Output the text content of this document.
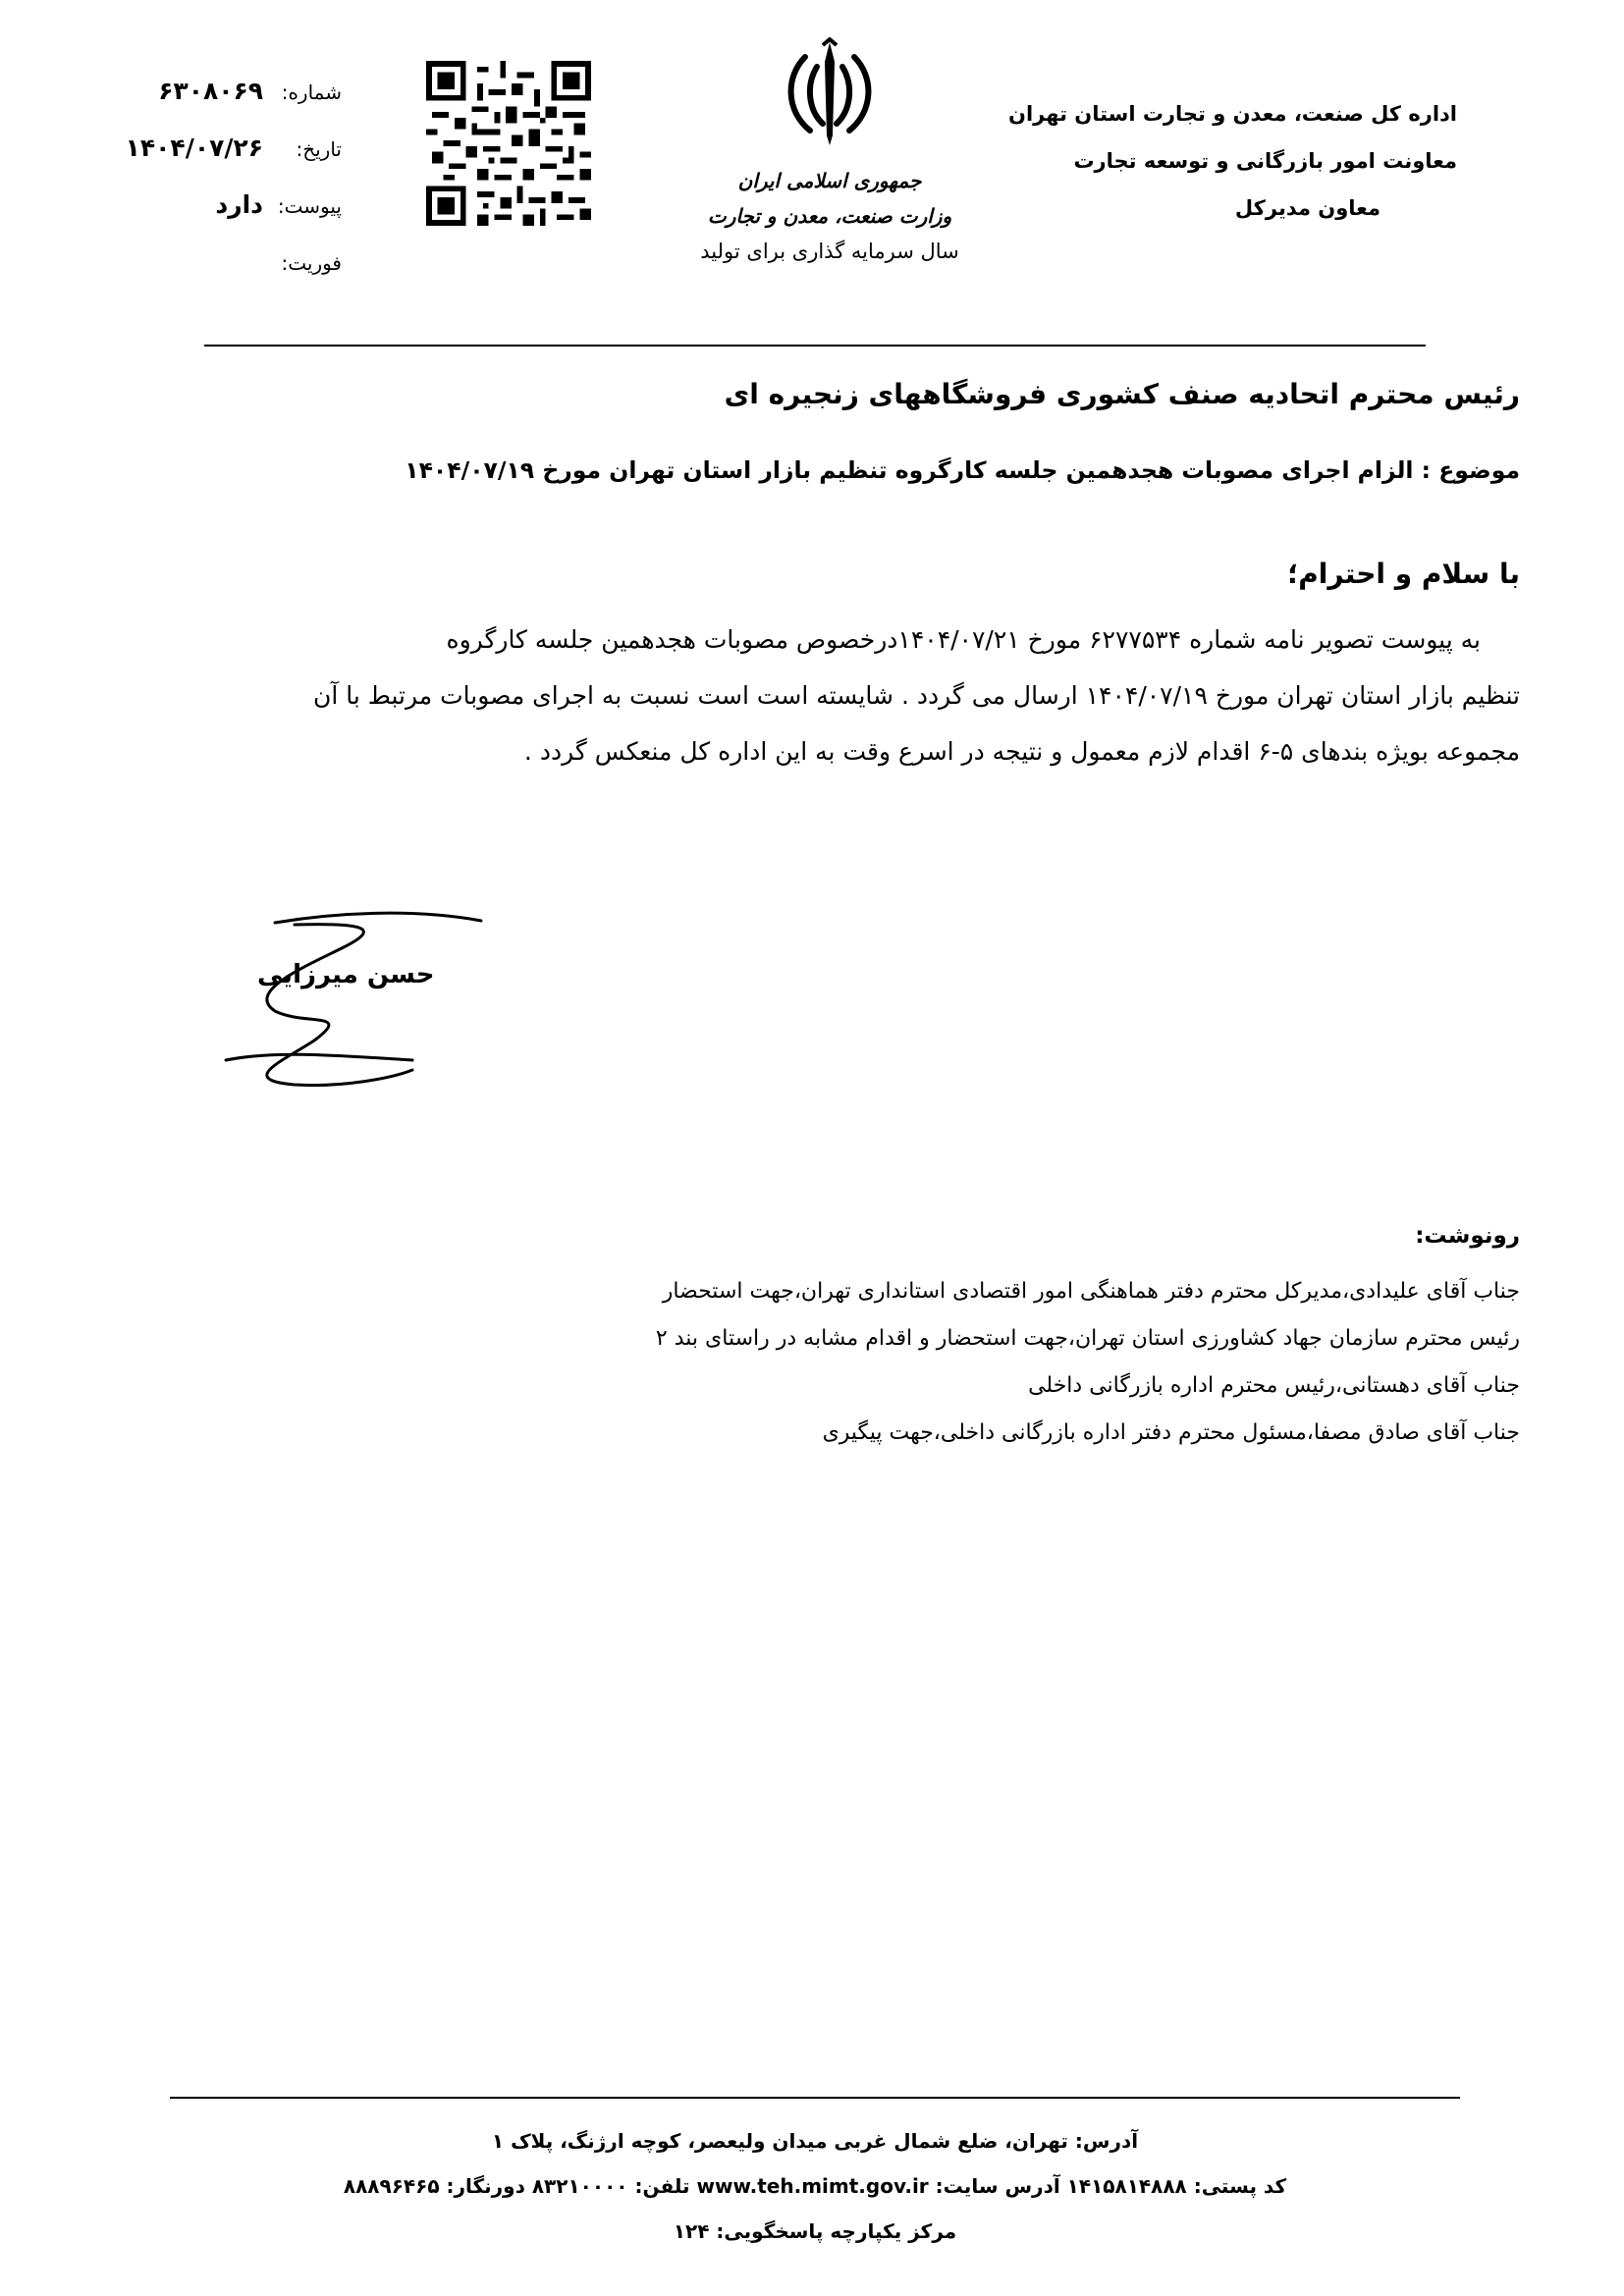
اداره کل صنعت، معدن و تجارت استان تهران
معاونت امور بازرگانی و توسعه تجارت
معاون مدیرکل
جمهوری اسلامی ایران
وزارت صنعت، معدن و تجارت
سال سرمایه گذاری برای تولید
شماره:
۶۳۰۸۰۶۹
تاریخ:
۱۴۰۴/۰۷/۲۶
پیوست:
دارد
فوریت:
رئیس محترم اتحادیه صنف کشوری فروشگاههای زنجیره ای
موضوع : الزام اجرای مصوبات هجدهمین جلسه کارگروه تنظیم بازار استان تهران مورخ ۱۴۰۴/۰۷/۱۹
با سلام و احترام؛
به پیوست تصویر نامه شماره ۶۲۷۷۵۳۴ مورخ ۱۴۰۴/۰۷/۲۱درخصوص مصوبات هجدهمین جلسه کارگروه
تنظیم بازار استان تهران مورخ ۱۴۰۴/۰۷/۱۹ ارسال می گردد . شایسته است است نسبت به اجرای مصوبات مرتبط با آن
مجموعه بویژه بندهای ۵-۶ اقدام لازم معمول و نتیجه در اسرع وقت به این اداره کل منعکس گردد .
حسن میرزایی
رونوشت:
جناب آقای علیدادی،مدیرکل محترم دفتر هماهنگی امور اقتصادی استانداری تهران،جهت استحضار
رئیس محترم سازمان جهاد کشاورزی استان تهران،جهت استحضار و اقدام مشابه در راستای بند ۲
جناب آقای دهستانی،رئیس محترم اداره بازرگانی داخلی
جناب آقای صادق مصفا،مسئول محترم دفتر اداره بازرگانی داخلی،جهت پیگیری
آدرس: تهران، ضلع شمال غربی میدان ولیعصر، کوچه ارژنگ، پلاک ۱
کد پستی: ۱۴۱۵۸۱۴۸۸۸ آدرس سایت: www.teh.mimt.gov.ir تلفن: ۸۳۲۱۰۰۰۰ دورنگار: ۸۸۸۹۶۴۶۵
مرکز یکپارچه پاسخگویی: ۱۲۴
